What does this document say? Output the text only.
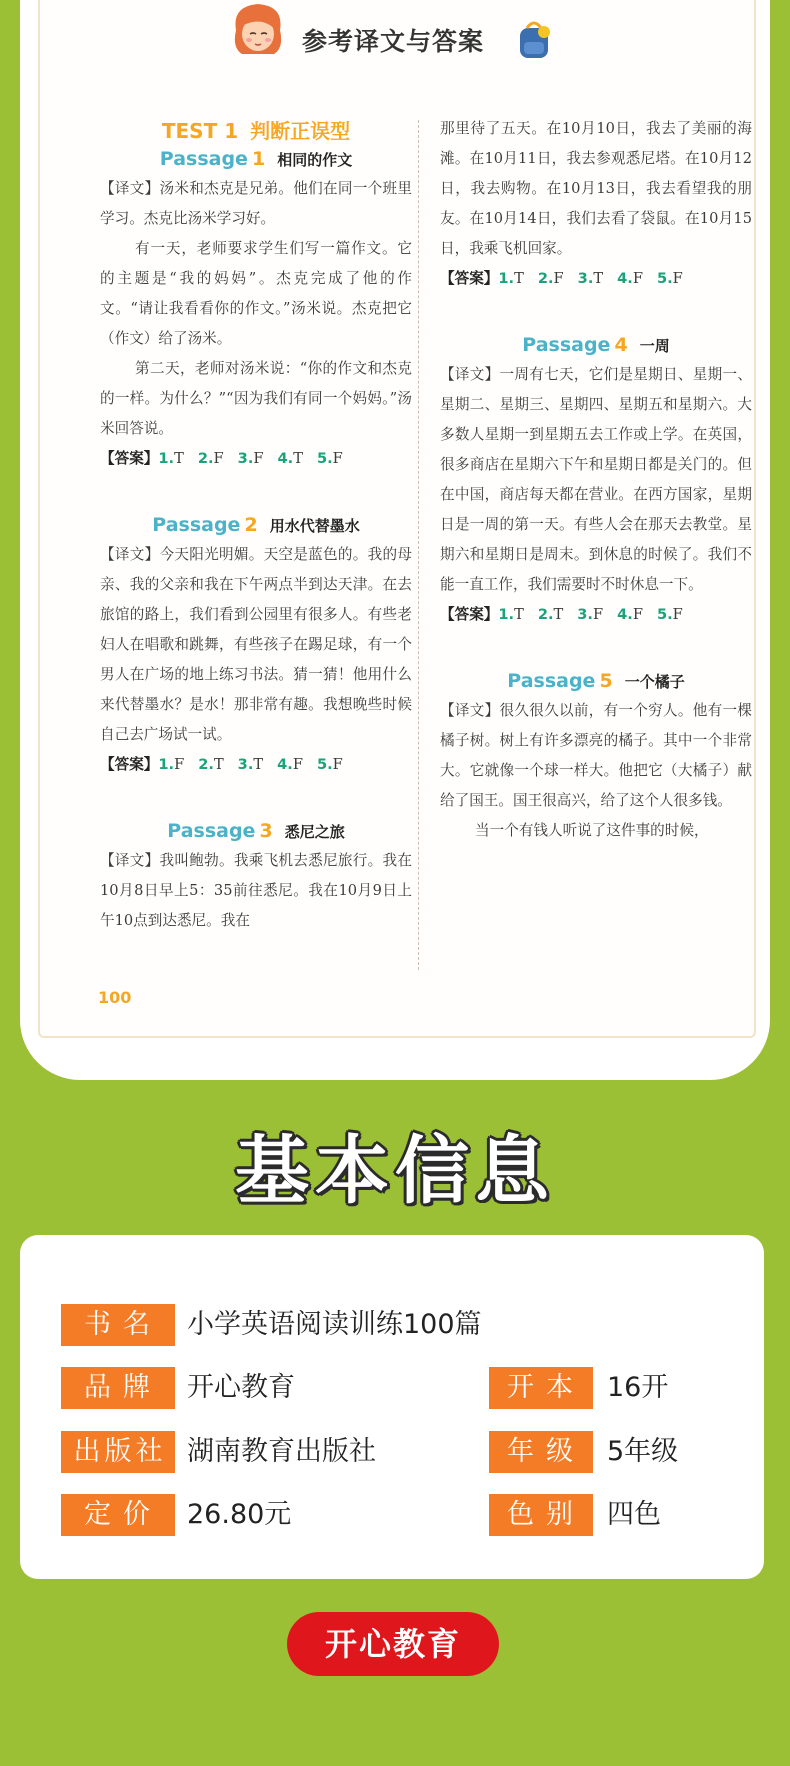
参考译文与答案
TEST 1 判断正误型
Passage 1 相同的作文

【译文】汤米和杰克是兄弟。他们在同一个班里学习。杰克比汤米学习好。

有一天，老师要求学生们写一篇作文。它的主题是“我的妈妈”。杰克完成了他的作文。“请让我看看你的作文。”汤米说。杰克把它（作文）给了汤米。

第二天，老师对汤米说：“你的作文和杰克的一样。为什么？”“因为我们有同一个妈妈。”汤米回答说。

【答案】1.T 2.F 3.F 4.T 5.F

Passage 2 用水代替墨水

【译文】今天阳光明媚。天空是蓝色的。我的母亲、我的父亲和我在下午两点半到达天津。在去旅馆的路上，我们看到公园里有很多人。有些老妇人在唱歌和跳舞，有些孩子在踢足球，有一个男人在广场的地上练习书法。猜一猜！他用什么来代替墨水？是水！那非常有趣。我想晚些时候自己去广场试一试。

【答案】1.F 2.T 3.T 4.F 5.F

Passage 3 悉尼之旅

【译文】我叫鲍勃。我乘飞机去悉尼旅行。我在10月8日早上5：35前往悉尼。我在10月9日上午10点到达悉尼。我在

那里待了五天。在10月10日，我去了美丽的海滩。在10月11日，我去参观悉尼塔。在10月12日，我去购物。在10月13日，我去看望我的朋友。在10月14日，我们去看了袋鼠。在10月15日，我乘飞机回家。

【答案】1.T 2.F 3.T 4.F 5.F

Passage 4 一周

【译文】一周有七天，它们是星期日、星期一、星期二、星期三、星期四、星期五和星期六。大多数人星期一到星期五去工作或上学。在英国，很多商店在星期六下午和星期日都是关门的。但在中国，商店每天都在营业。在西方国家，星期日是一周的第一天。有些人会在那天去教堂。星期六和星期日是周末。到休息的时候了。我们不能一直工作，我们需要时不时休息一下。

【答案】1.T 2.T 3.F 4.F 5.F

Passage 5 一个橘子

【译文】很久很久以前，有一个穷人。他有一棵橘子树。树上有许多漂亮的橘子。其中一个非常大。它就像一个球一样大。他把它（大橘子）献给了国王。国王很高兴，给了这个人很多钱。

当一个有钱人听说了这件事的时候，

100
基本信息
书名 小学英语阅读训练100篇
品牌 开心教育	开本 16开
出版社 湖南教育出版社	年级 5年级
定价 26.80元	色别 四色
开心教育
